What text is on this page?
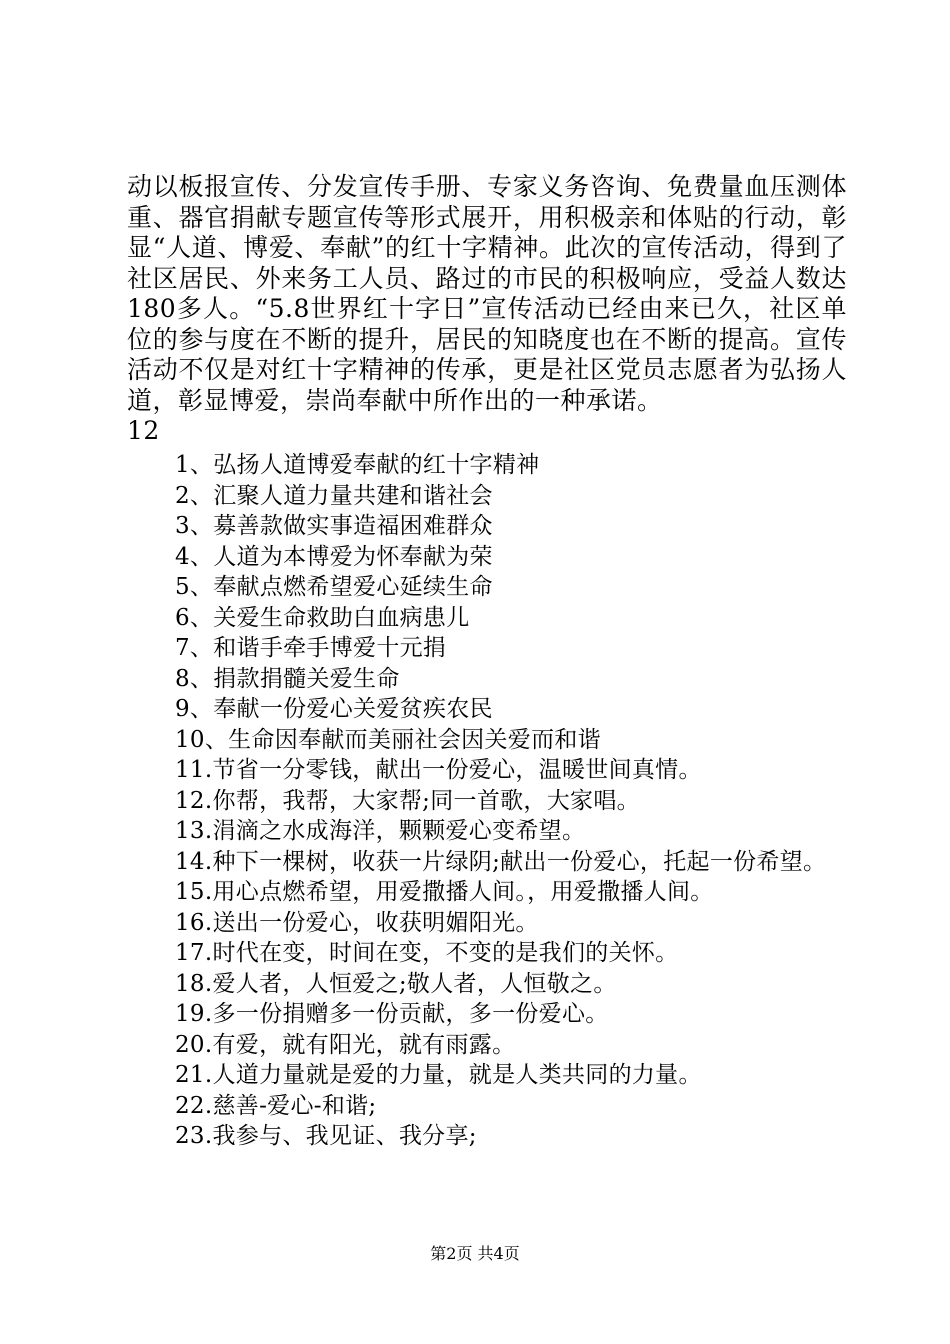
动以板报宣传、分发宣传手册、专家义务咨询、免费量血压测体重、器官捐献专题宣传等形式展开，用积极亲和体贴的行动，彰显“人道、博爱、奉献”的红十字精神。此次的宣传活动，得到了社区居民、外来务工人员、路过的市民的积极响应，受益人数达180多人。“5.8世界红十字日”宣传活动已经由来已久，社区单位的参与度在不断的提升，居民的知晓度也在不断的提高。宣传活动不仅是对红十字精神的传承，更是社区党员志愿者为弘扬人道，彰显博爱，崇尚奉献中所作出的一种承诺。
12

1、弘扬人道博爱奉献的红十字精神
2、汇聚人道力量共建和谐社会
3、募善款做实事造福困难群众
4、人道为本博爱为怀奉献为荣
5、奉献点燃希望爱心延续生命
6、关爱生命救助白血病患儿
7、和谐手牵手博爱十元捐
8、捐款捐髓关爱生命
9、奉献一份爱心关爱贫疾农民
10、生命因奉献而美丽社会因关爱而和谐
11.节省一分零钱，献出一份爱心，温暖世间真情。
12.你帮，我帮，大家帮;同一首歌，大家唱。
13.涓滴之水成海洋，颗颗爱心变希望。
14.种下一棵树，收获一片绿阴;献出一份爱心，托起一份希望。
15.用心点燃希望，用爱撒播人间。，用爱撒播人间。
16.送出一份爱心，收获明媚阳光。
17.时代在变，时间在变，不变的是我们的关怀。
18.爱人者，人恒爱之;敬人者，人恒敬之。
19.多一份捐赠多一份贡献，多一份爱心。
20.有爱，就有阳光，就有雨露。
21.人道力量就是爱的力量，就是人类共同的力量。
22.慈善-爱心-和谐;
23.我参与、我见证、我分享;
第2页 共4页
